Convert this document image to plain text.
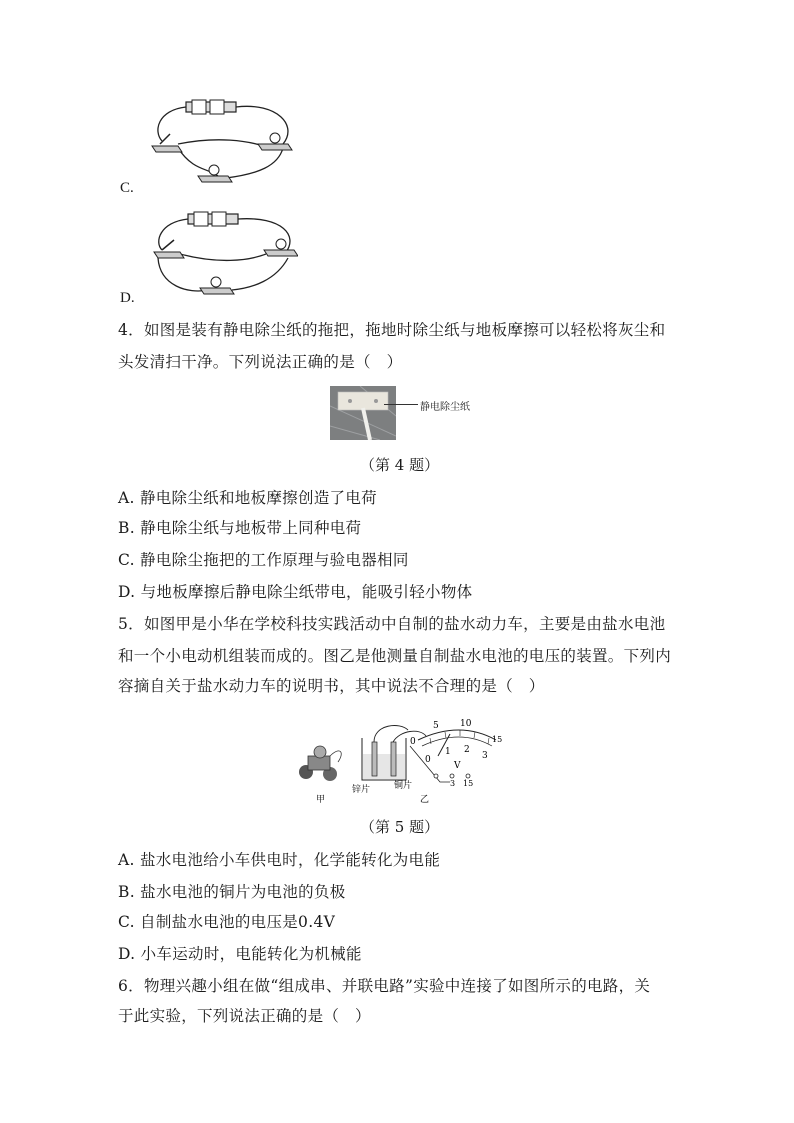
C.
D.
4．如图是装有静电除尘纸的拖把，拖地时除尘纸与地板摩擦可以轻松将灰尘和
头发清扫干净。下列说法正确的是（　）
静电除尘纸
（第 4 题）
A. 静电除尘纸和地板摩擦创造了电荷
B. 静电除尘纸与地板带上同种电荷
C. 静电除尘拖把的工作原理与验电器相同
D. 与地板摩擦后静电除尘纸带电，能吸引轻小物体
5．如图甲是小华在学校科技实践活动中自制的盐水动力车，主要是由盐水电池
和一个小电动机组装而成的。图乙是他测量自制盐水电池的电压的装置。下列内
容摘自关于盐水动力车的说明书，其中说法不合理的是（　）
5 10
15
0
0
1 2
3
V
3 15
甲
锌片	铜片
乙
（第 5 题）
A. 盐水电池给小车供电时，化学能转化为电能
B. 盐水电池的铜片为电池的负极
C. 自制盐水电池的电压是0.4V
D. 小车运动时，电能转化为机械能
6．物理兴趣小组在做“组成串、并联电路”实验中连接了如图所示的电路，关
于此实验，下列说法正确的是（　）
